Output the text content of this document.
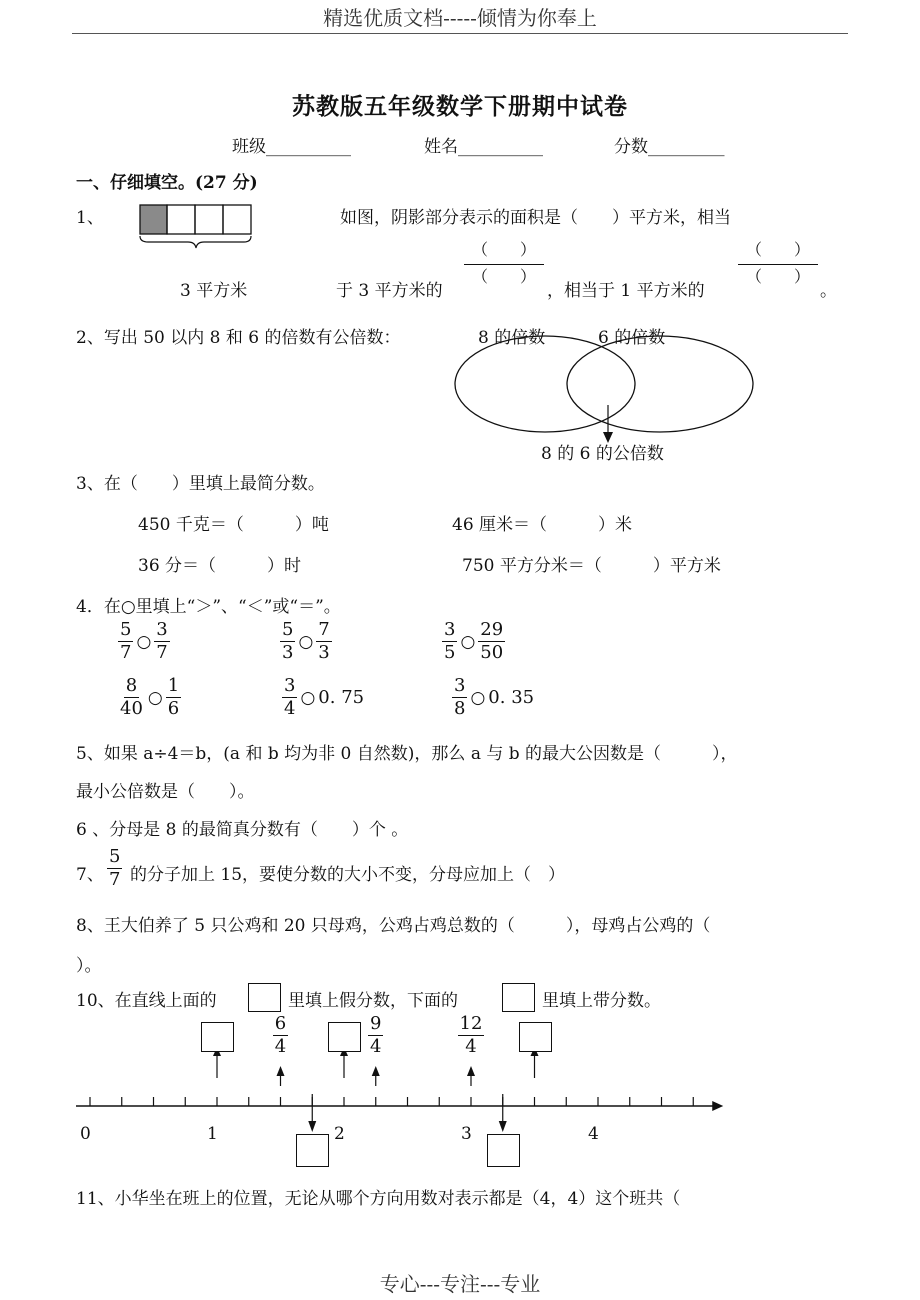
精选优质文档-----倾情为你奉上
苏教版五年级数学下册期中试卷
班级__________	姓名__________	分数_________
一、仔细填空。(27 分)
1、	如图，阴影部分表示的面积是（　　）平方米，相当
3 平方米	于 3 平方米的
（　　）
（　　）
，相当于 1 平方米的
（　　）
（　　）
。
2、写出 50 以内 8 和 6 的倍数有公倍数：	8 的倍数	6 的倍数
8 的 6 的公倍数
3、在（　　）里填上最简分数。
450 千克＝（　　　）吨	46 厘米＝（　　　）米
36 分＝（　　　）时	750 平方分米＝（　　　）平方米
4．在○里填上“＞”、“＜”或“＝”。
$\frac{5}{7}$ ○ $\frac{3}{7}$	$\frac{5}{3}$ ○ $\frac{7}{3}$	$\frac{3}{5}$ ○ $\frac{29}{50}$
$\frac{8}{40}$ ○ $\frac{1}{6}$	$\frac{3}{4}$ ○ 0. 75	$\frac{3}{8}$ ○ 0. 35
5、如果 a÷4＝b，(a 和 b 均为非 0 自然数)，那么 a 与 b 的最大公因数是（　　　），
最小公倍数是（　　）。
6 、分母是 8 的最简真分数有（　　）个 。
7、 $\frac{5}{7}$ 的分子加上 15，要使分数的大小不变，分母应加上（　）
8、王大伯养了 5 只公鸡和 20 只母鸡，公鸡占鸡总数的（　　　），母鸡占公鸡的（
）。
10、在直线上面的	里填上假分数，下面的	里填上带分数。
0	1	2	3	4
$\frac{6}{4}$	$\frac{9}{4}$	$\frac{12}{4}$
11、小华坐在班上的位置，无论从哪个方向用数对表示都是（4，4）这个班共（
专心---专注---专业
